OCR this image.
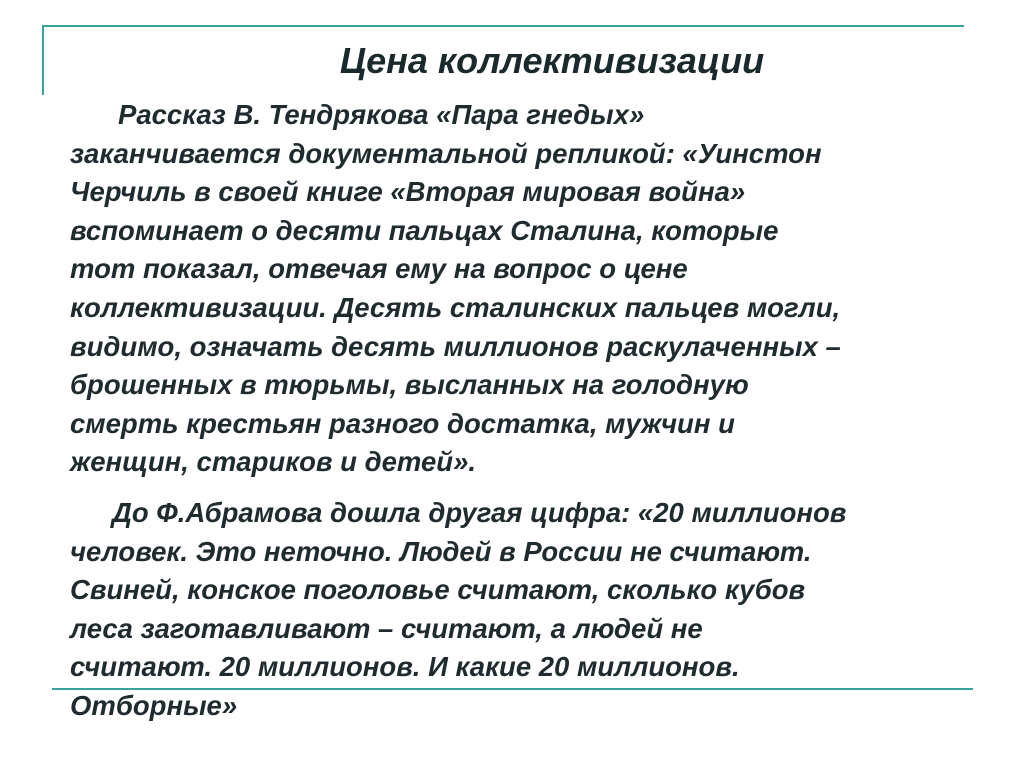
Цена коллективизации

Рассказ В. Тендрякова «Пара гнедых»
заканчивается документальной репликой: «Уинстон
Черчиль в своей книге «Вторая мировая война»
вспоминает о десяти пальцах Сталина, которые
тот показал, отвечая ему на вопрос о цене
коллективизации. Десять сталинских пальцев могли,
видимо, означать десять миллионов раскулаченных –
брошенных в тюрьмы, высланных на голодную
смерть крестьян разного достатка, мужчин и
женщин, стариков и детей».

До Ф.Абрамова дошла другая цифра: «20 миллионов
человек. Это неточно. Людей в России не считают.
Свиней, конское поголовье считают, сколько кубов
леса заготавливают – считают, а людей не
считают. 20 миллионов. И какие 20 миллионов.
Отборные»
